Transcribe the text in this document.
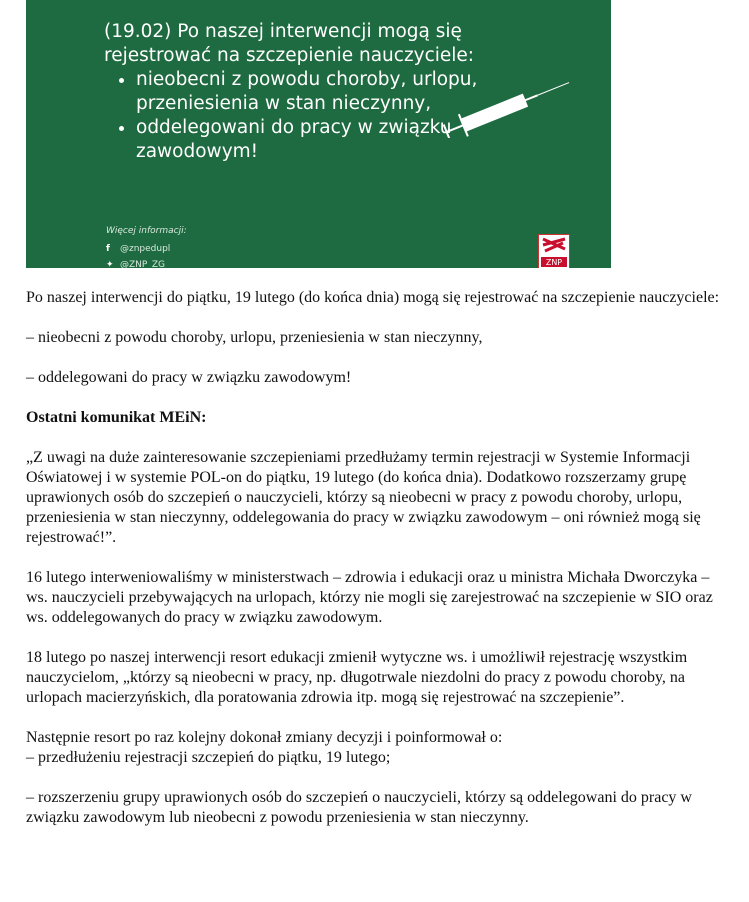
(19.02) Po naszej interwencji mogą się rejestrować na szczepienie nauczyciele:
• nieobecni z powodu choroby, urlopu, przeniesienia w stan nieczynny,
• oddelegowani do pracy w związku zawodowym!
Więcej informacji:
f @znpedupl
✦ @ZNP_ZG	ZNP

Po naszej interwencji do piątku, 19 lutego (do końca dnia) mogą się rejestrować na szczepienie nauczyciele:

– nieobecni z powodu choroby, urlopu, przeniesienia w stan nieczynny,

– oddelegowani do pracy w związku zawodowym!

Ostatni komunikat MEiN:

„Z uwagi na duże zainteresowanie szczepieniami przedłużamy termin rejestracji w Systemie Informacji Oświatowej i w systemie POL-on do piątku, 19 lutego (do końca dnia). Dodatkowo rozszerzamy grupę uprawionych osób do szczepień o nauczycieli, którzy są nieobecni w pracy z powodu choroby, urlopu, przeniesienia w stan nieczynny, oddelegowania do pracy w związku zawodowym – oni również mogą się rejestrować!”.

16 lutego interweniowaliśmy w ministerstwach – zdrowia i edukacji oraz u ministra Michała Dworczyka – ws. nauczycieli przebywających na urlopach, którzy nie mogli się zarejestrować na szczepienie w SIO oraz ws. oddelegowanych do pracy w związku zawodowym.

18 lutego po naszej interwencji resort edukacji zmienił wytyczne ws. i umożliwił rejestrację wszystkim nauczycielom, „którzy są nieobecni w pracy, np. długotrwale niezdolni do pracy z powodu choroby, na urlopach macierzyńskich, dla poratowania zdrowia itp. mogą się rejestrować na szczepienie”.

Następnie resort po raz kolejny dokonał zmiany decyzji i poinformował o:

– przedłużeniu rejestracji szczepień do piątku, 19 lutego;

– rozszerzeniu grupy uprawionych osób do szczepień o nauczycieli, którzy są oddelegowani do pracy w związku zawodowym lub nieobecni z powodu przeniesienia w stan nieczynny.
